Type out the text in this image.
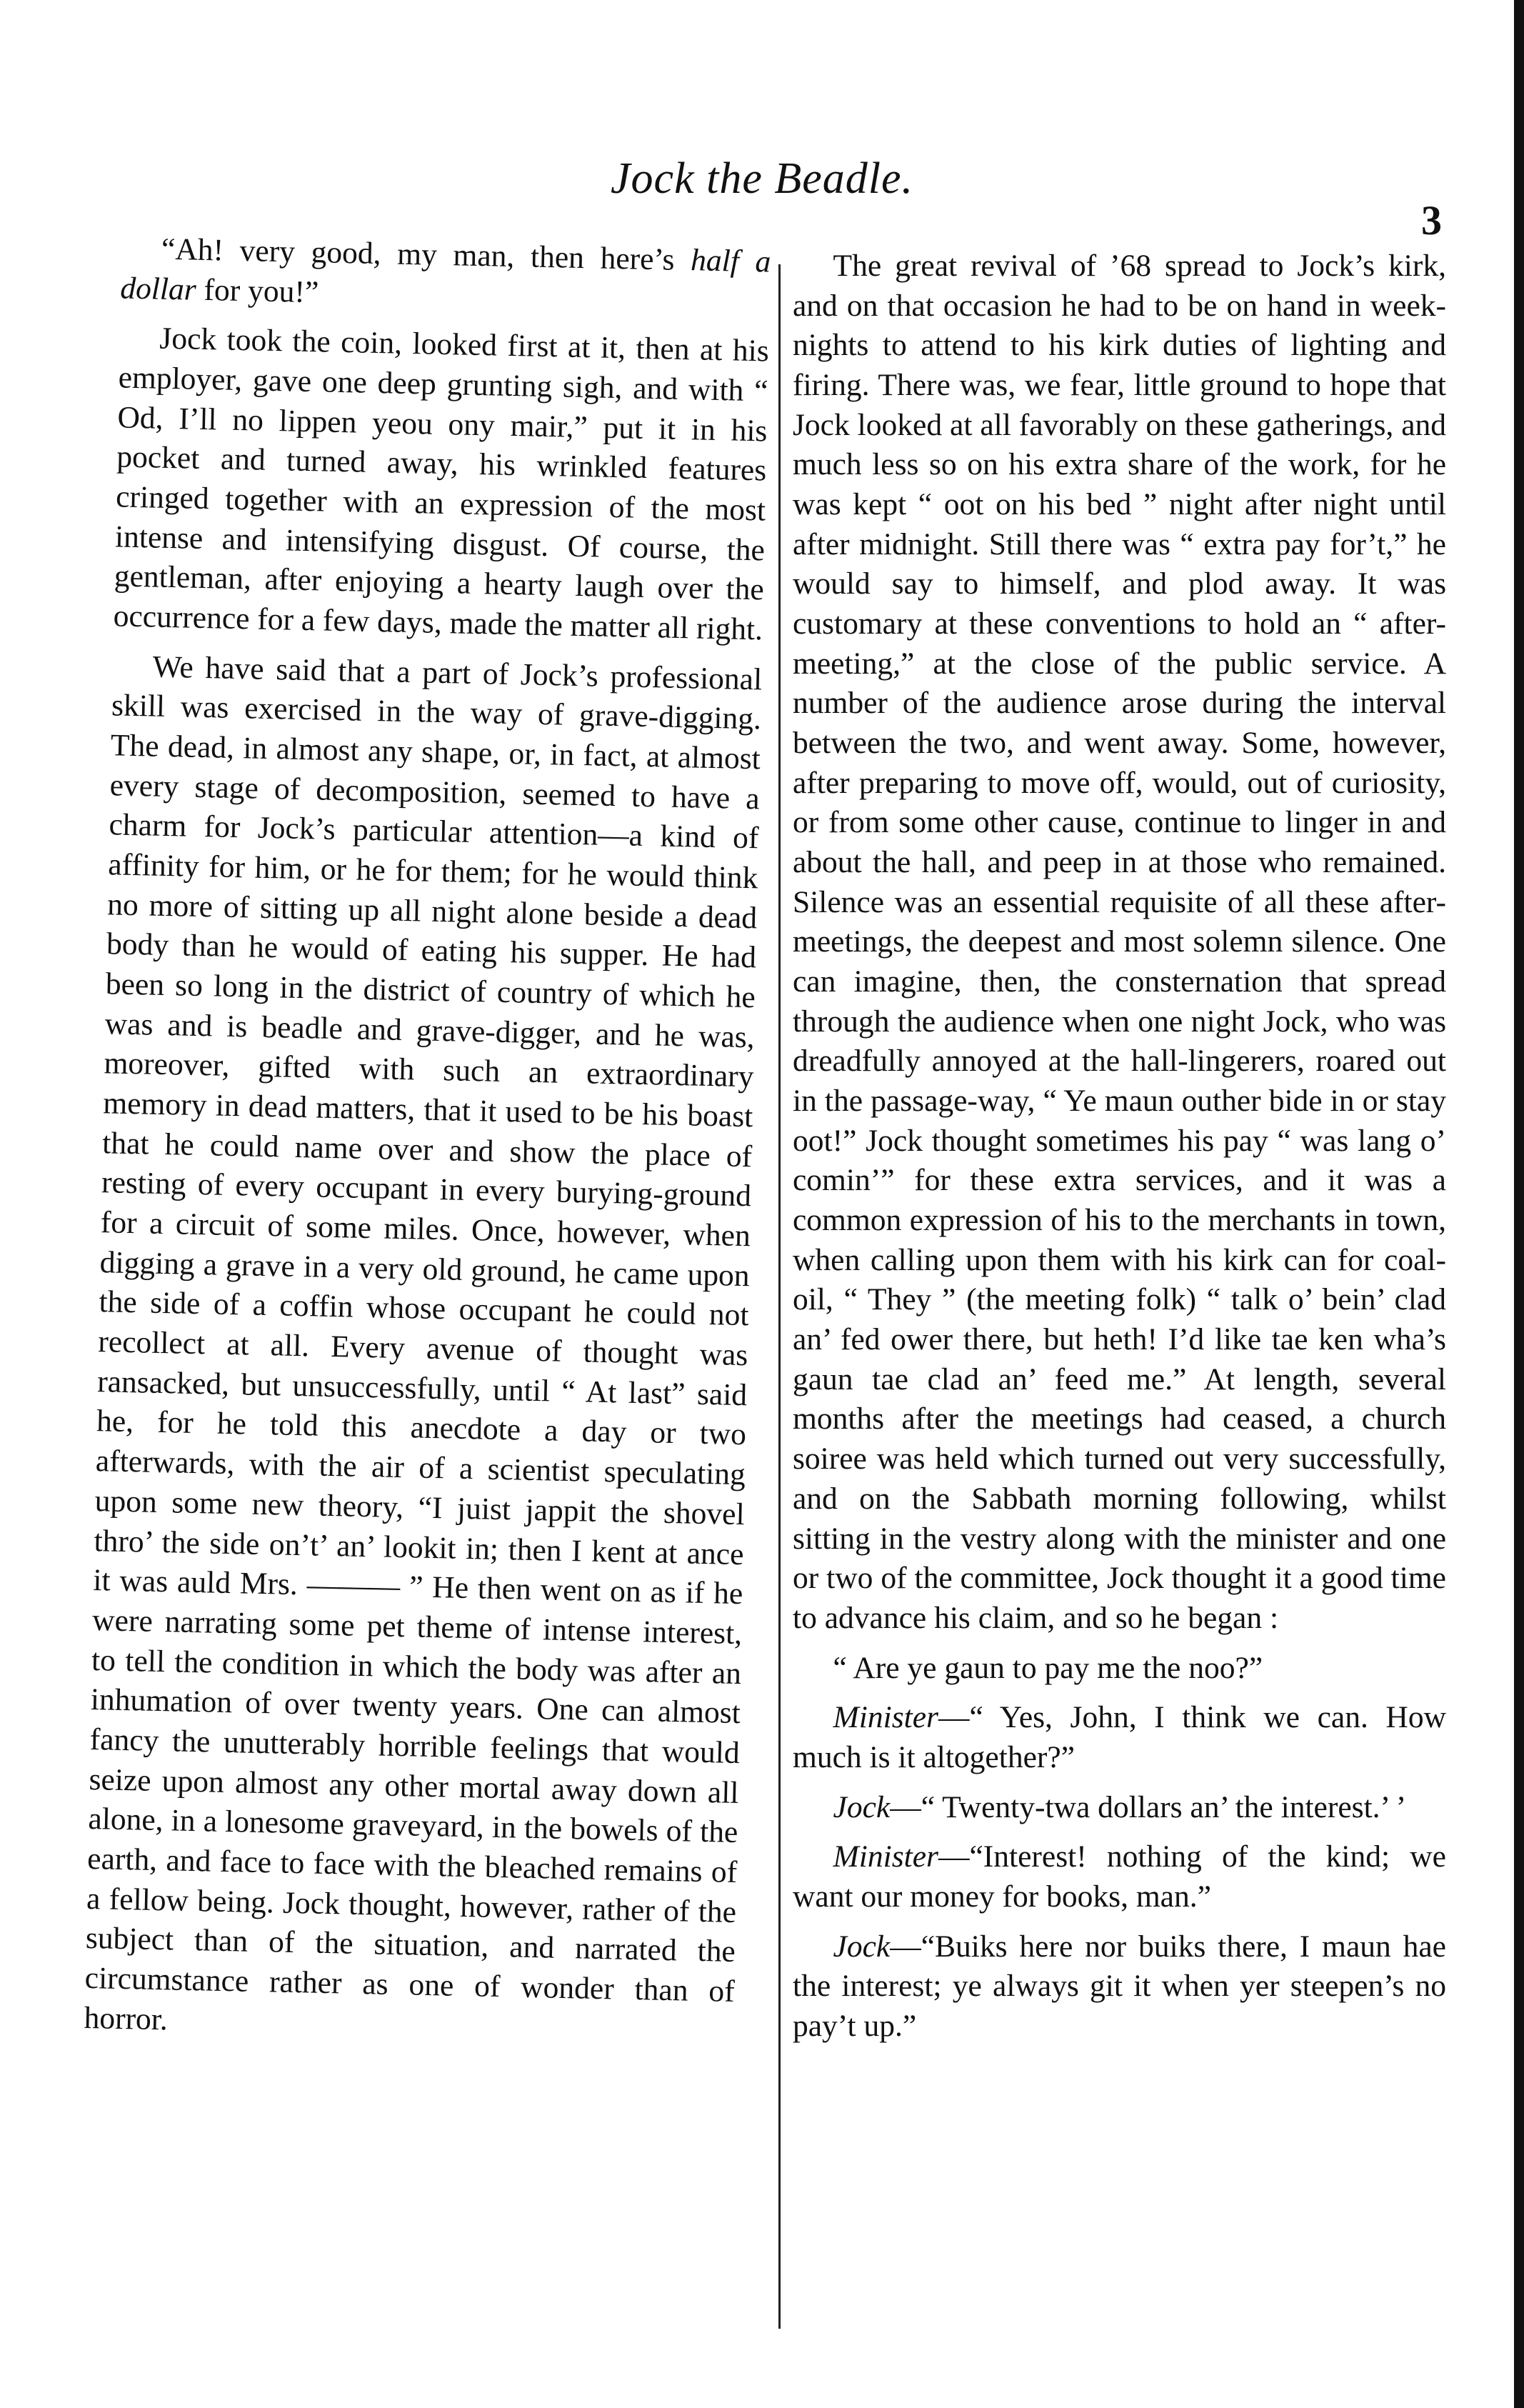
Jock the Beadle.
3

“Ah! very good, my man, then here’s half a dollar for you!”

Jock took the coin, looked first at it, then at his employer, gave one deep grunting sigh, and with “ Od, I’ll no lippen yeou ony mair,” put it in his pocket and turned away, his wrinkled features cringed together with an expression of the most intense and intensifying disgust. Of course, the gentleman, after enjoying a hearty laugh over the occurrence for a few days, made the matter all right.

We have said that a part of Jock’s professional skill was exercised in the way of grave-digging. The dead, in almost any shape, or, in fact, at almost every stage of decomposition, seemed to have a charm for Jock’s particular attention—a kind of affinity for him, or he for them; for he would think no more of sitting up all night alone beside a dead body than he would of eating his supper. He had been so long in the district of country of which he was and is beadle and grave-digger, and he was, moreover, gifted with such an extraordinary memory in dead matters, that it used to be his boast that he could name over and show the place of resting of every occupant in every burying-ground for a circuit of some miles. Once, however, when digging a grave in a very old ground, he came upon the side of a coffin whose occupant he could not recollect at all. Every avenue of thought was ransacked, but unsuccessfully, until “ At last” said he, for he told this anecdote a day or two afterwards, with the air of a scientist speculating upon some new theory, “I juist jappit the shovel thro’ the side on’t’ an’ lookit in; then I kent at ance it was auld Mrs. ——— ” He then went on as if he were narrating some pet theme of intense interest, to tell the condition in which the body was after an inhumation of over twenty years. One can almost fancy the unutterably horrible feelings that would seize upon almost any other mortal away down all alone, in a lonesome graveyard, in the bowels of the earth, and face to face with the bleached remains of a fellow being. Jock thought, however, rather of the subject than of the situation, and narrated the circumstance rather as one of wonder than of horror.

The great revival of ’68 spread to Jock’s kirk, and on that occasion he had to be on hand in week-nights to attend to his kirk duties of lighting and firing. There was, we fear, little ground to hope that Jock looked at all favorably on these gatherings, and much less so on his extra share of the work, for he was kept “ oot on his bed ” night after night until after midnight. Still there was “ extra pay for’t,” he would say to himself, and plod away. It was customary at these conventions to hold an “ after-meeting,” at the close of the public service. A number of the audience arose during the interval between the two, and went away. Some, however, after preparing to move off, would, out of curiosity, or from some other cause, continue to linger in and about the hall, and peep in at those who remained. Silence was an essential requisite of all these after-meetings, the deepest and most solemn silence. One can imagine, then, the consternation that spread through the audience when one night Jock, who was dreadfully annoyed at the hall-lingerers, roared out in the passage-way, “ Ye maun outher bide in or stay oot!” Jock thought sometimes his pay “ was lang o’ comin’” for these extra services, and it was a common expression of his to the merchants in town, when calling upon them with his kirk can for coal-oil, “ They ” (the meeting folk) “ talk o’ bein’ clad an’ fed ower there, but heth! I’d like tae ken wha’s gaun tae clad an’ feed me.” At length, several months after the meetings had ceased, a church soiree was held which turned out very successfully, and on the Sabbath morning following, whilst sitting in the vestry along with the minister and one or two of the committee, Jock thought it a good time to advance his claim, and so he began :

“ Are ye gaun to pay me the noo?”

Minister—“ Yes, John, I think we can. How much is it altogether?”

Jock—“ Twenty-twa dollars an’ the interest.’ ’

Minister—“Interest! nothing of the kind; we want our money for books, man.”

Jock—“Buiks here nor buiks there, I maun hae the interest; ye always git it when yer steepen’s no pay’t up.”
